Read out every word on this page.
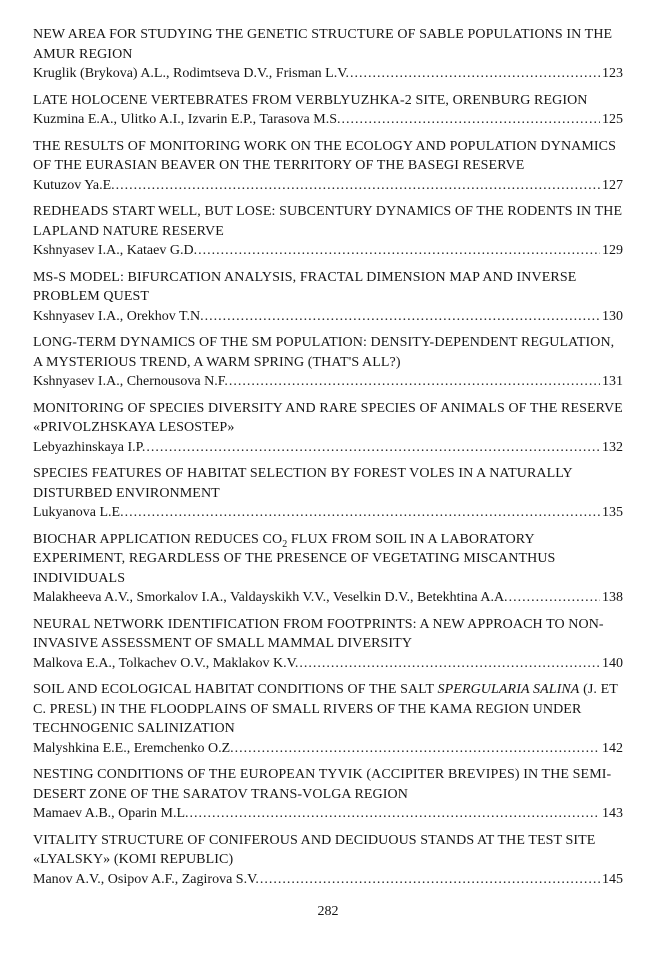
NEW AREA FOR STUDYING THE GENETIC STRUCTURE OF SABLE POPULATIONS IN THE AMUR REGION
Kruglik (Brykova) A.L., Rodimtseva D.V., Frisman L.V. .....	123
LATE HOLOCENE VERTEBRATES FROM VERBLYUZHKA-2 SITE, ORENBURG REGION
Kuzmina E.A., Ulitko A.I., Izvarin E.P., Tarasova M.S. .....	125
THE RESULTS OF MONITORING WORK ON THE ECOLOGY AND POPULATION DYNAMICS OF THE EURASIAN BEAVER ON THE TERRITORY OF THE BASEGI RESERVE
Kutuzov Ya.E. .....	127
REDHEADS START WELL, BUT LOSE: SUBCENTURY DYNAMICS OF THE RODENTS IN THE LAPLAND NATURE RESERVE
Kshnyasev I.A., Kataev G.D. .....	129
MS-S MODEL: BIFURCATION ANALYSIS, FRACTAL DIMENSION MAP AND INVERSE PROBLEM QUEST
Kshnyasev I.A., Orekhov T.N. .....	130
LONG-TERM DYNAMICS OF THE SM POPULATION: DENSITY-DEPENDENT REGULATION, A MYSTERIOUS TREND, A WARM SPRING (THAT'S ALL?)
Kshnyasev I.A., Chernousova N.F. .....	131
MONITORING OF SPECIES DIVERSITY AND RARE SPECIES OF ANIMALS OF THE RESERVE «PRIVOLZHSKAYA LESOSTEP»
Lebyazhinskaya I.P. .....	132
SPECIES FEATURES OF HABITAT SELECTION BY FOREST VOLES IN A NATURALLY DISTURBED ENVIRONMENT
Lukyanova L.E. .....	135
BIOCHAR APPLICATION REDUCES $CO_2$ FLUX FROM SOIL IN A LABORATORY EXPERIMENT, REGARDLESS OF THE PRESENCE OF VEGETATING MISCANTHUS INDIVIDUALS
Malakheeva A.V., Smorkalov I.A., Valdayskikh V.V., Veselkin D.V., Betekhtina A.A. .....	138
NEURAL NETWORK IDENTIFICATION FROM FOOTPRINTS: A NEW APPROACH TO NON-INVASIVE ASSESSMENT OF SMALL MAMMAL DIVERSITY
Malkova E.A., Tolkachev O.V., Maklakov K.V. .....	140
SOIL AND ECOLOGICAL HABITAT CONDITIONS OF THE SALT SPERGULARIA SALINA (J. ET C. PRESL) IN THE FLOODPLAINS OF SMALL RIVERS OF THE KAMA REGION UNDER TECHNOGENIC SALINIZATION
Malyshkina E.E., Eremchenko O.Z. .....	142
NESTING CONDITIONS OF THE EUROPEAN TYVIK (ACCIPITER BREVIPES) IN THE SEMI-DESERT ZONE OF THE SARATOV TRANS-VOLGA REGION
Mamaev A.B., Oparin M.L. .....	143
VITALITY STRUCTURE OF CONIFEROUS AND DECIDUOUS STANDS AT THE TEST SITE «LYALSKY» (KOMI REPUBLIC)
Manov A.V., Osipov A.F., Zagirova S.V. .....	145
282
